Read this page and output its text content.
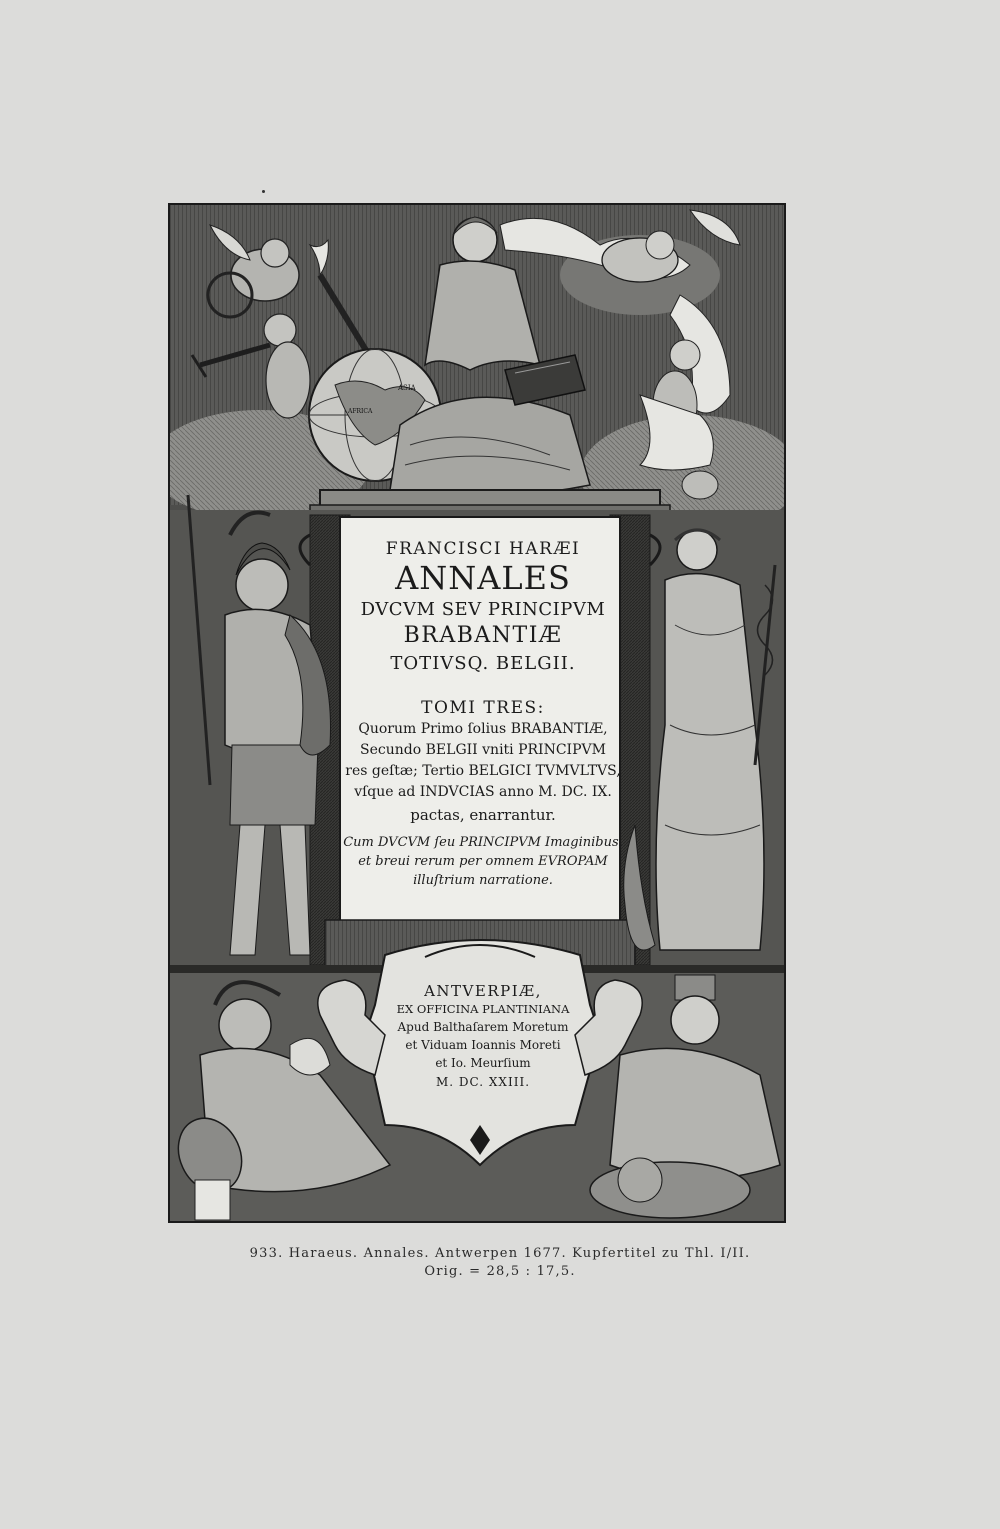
ASIA
AFRICA

FRANCISCI HARÆI

ANNALES

DVCVM SEV PRINCIPVM

BRABANTIÆ

TOTIVSQ. BELGII.

TOMI TRES:

Quorum Primo ſolius BRABANTIÆ,

Secundo BELGII vniti PRINCIPVM

res geſtæ; Tertio BELGICI TVMVLTVS,

vſque ad INDVCIAS anno M. DC. IX.

pactas, enarrantur.

Cum DVCVM ſeu PRINCIPVM Imaginibus,

et breui rerum per omnem EVROPAM

illuſtrium narratione.

ANTVERPIÆ,

EX OFFICINA PLANTINIANA

Apud Balthaſarem Moretum

et Viduam Ioannis Moreti

et Io. Meurſium

M. DC. XXIII.

933. Haraeus. Annales. Antwerpen 1677. Kupfertitel zu Thl. I/II.

Orig. = 28,5 : 17,5.
